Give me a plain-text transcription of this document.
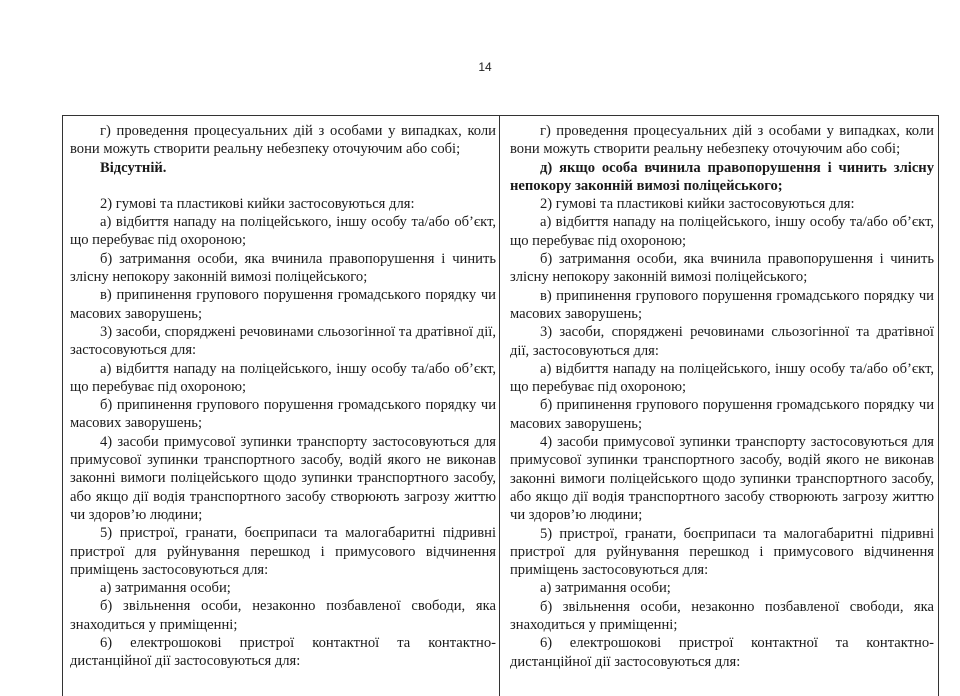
14

г) проведення процесуальних дій з особами у випадках, коли вони можуть створити реальну небезпеку оточуючим або собі;

Відсутній.

2) гумові та пластикові кийки застосовуються для:

а) відбиття нападу на поліцейського, іншу особу та/або об’єкт, що перебуває під охороною;

б) затримання особи, яка вчинила правопорушення і чинить злісну непокору законній вимозі поліцейського;

в) припинення групового порушення громадського порядку чи масових заворушень;

3) засоби, споряджені речовинами сльозогінної та дратівної дії, застосовуються для:

а) відбиття нападу на поліцейського, іншу особу та/або об’єкт, що перебуває під охороною;

б) припинення групового порушення громадського порядку чи масових заворушень;

4) засоби примусової зупинки транспорту застосовуються для примусової зупинки транспортного засобу, водій якого не виконав законні вимоги поліцейського щодо зупинки транспортного засобу, або якщо дії водія транспортного засобу створюють загрозу життю чи здоров’ю людини;

5) пристрої, гранати, боєприпаси та малогабаритні підривні пристрої для руйнування перешкод і примусового відчинення приміщень застосовуються для:

а) затримання особи;

б) звільнення особи, незаконно позбавленої свободи, яка знаходиться у приміщенні;

6) електрошокові пристрої контактної та контактно-дистанційної дії застосовуються для:

г) проведення процесуальних дій з особами у випадках, коли вони можуть створити реальну небезпеку оточуючим або собі;

д) якщо особа вчинила правопорушення і чинить злісну непокору законній вимозі поліцейського;

2) гумові та пластикові кийки застосовуються для:

а) відбиття нападу на поліцейського, іншу особу та/або об’єкт, що перебуває під охороною;

б) затримання особи, яка вчинила правопорушення і чинить злісну непокору законній вимозі поліцейського;

в) припинення групового порушення громадського порядку чи масових заворушень;

3) засоби, споряджені речовинами сльозогінної та дратівної дії, застосовуються для:

а) відбиття нападу на поліцейського, іншу особу та/або об’єкт, що перебуває під охороною;

б) припинення групового порушення громадського порядку чи масових заворушень;

4) засоби примусової зупинки транспорту застосовуються для примусової зупинки транспортного засобу, водій якого не виконав законні вимоги поліцейського щодо зупинки транспортного засобу, або якщо дії водія транспортного засобу створюють загрозу життю чи здоров’ю людини;

5) пристрої, гранати, боєприпаси та малогабаритні підривні пристрої для руйнування перешкод і примусового відчинення приміщень застосовуються для:

а) затримання особи;

б) звільнення особи, незаконно позбавленої свободи, яка знаходиться у приміщенні;

6) електрошокові пристрої контактної та контактно-дистанційної дії застосовуються для:
